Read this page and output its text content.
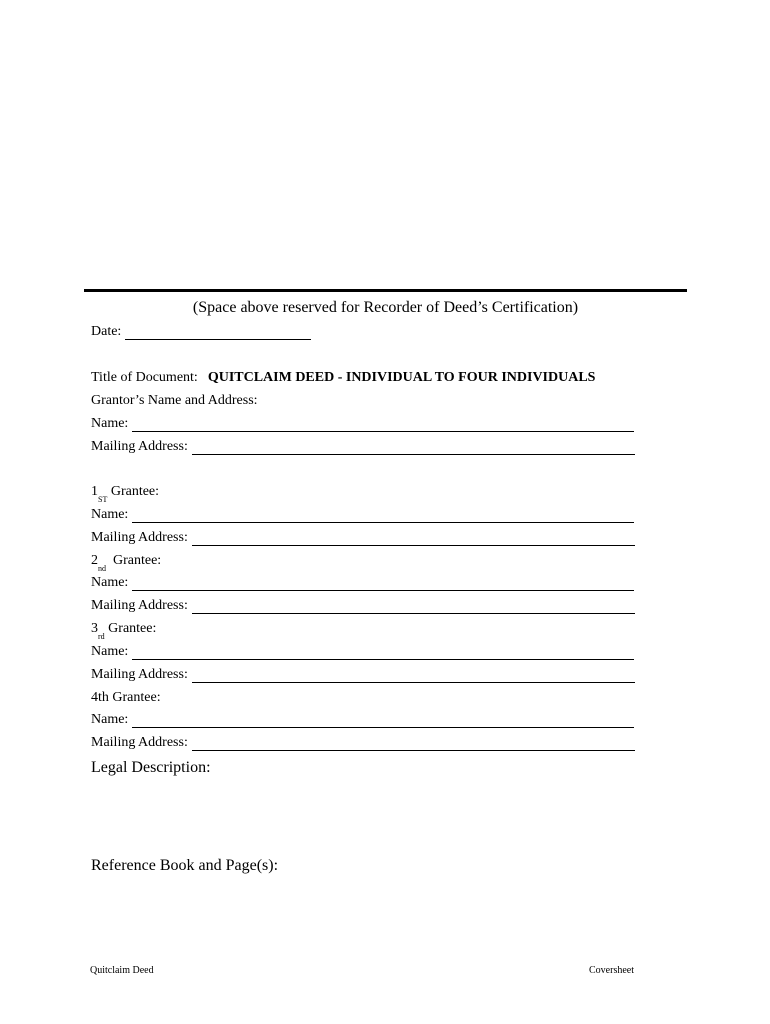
(Space above reserved for Recorder of Deed’s Certification)
Date:
Title of Document: QUITCLAIM DEED - INDIVIDUAL TO FOUR INDIVIDUALS
Grantor’s Name and Address:
Name:
Mailing Address:
1
ST

Grantee:
Name:
Mailing Address:
2
nd

Grantee:
Name:
Mailing Address:
3
rd

Grantee:
Name:
Mailing Address:
4th Grantee:
Name:
Mailing Address:
Legal Description:
Reference Book and Page(s):
Quitclaim Deed	Coversheet
